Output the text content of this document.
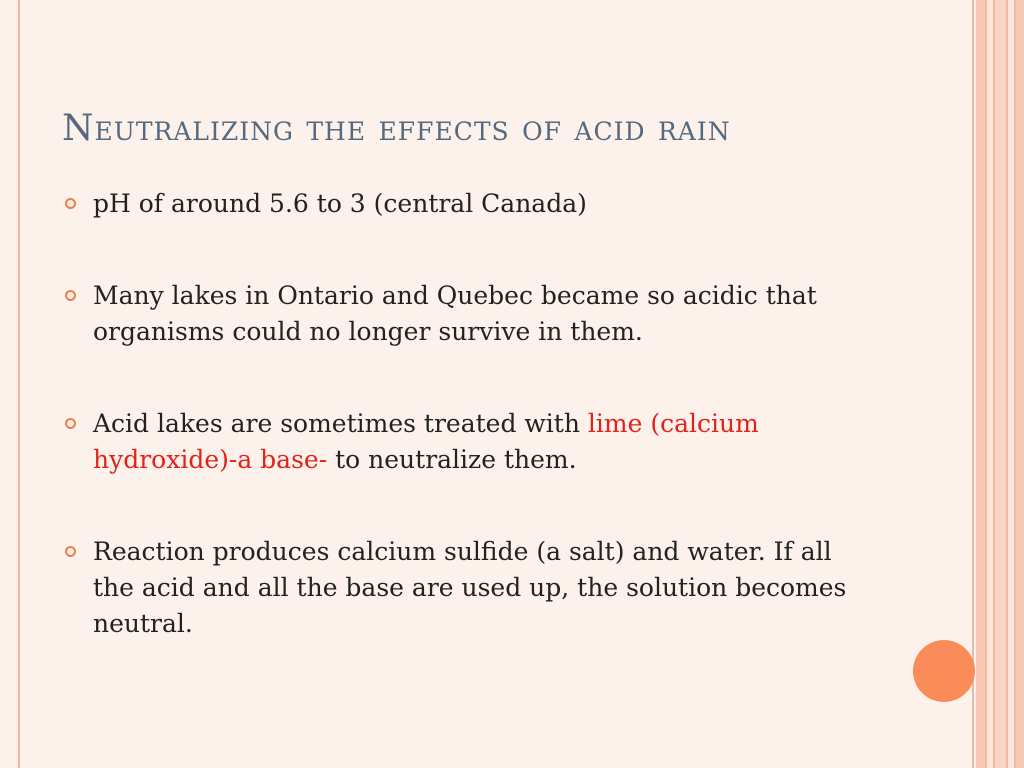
Neutralizing the effects of acid rain
pH of around 5.6 to 3 (central Canada)
Many lakes in Ontario and Quebec became so acidic that organisms could no longer survive in them.
Acid lakes are sometimes treated with lime (calcium hydroxide)-a base- to neutralize them.
Reaction produces calcium sulfide (a salt) and water. If all the acid and all the base are used up, the solution becomes neutral.
